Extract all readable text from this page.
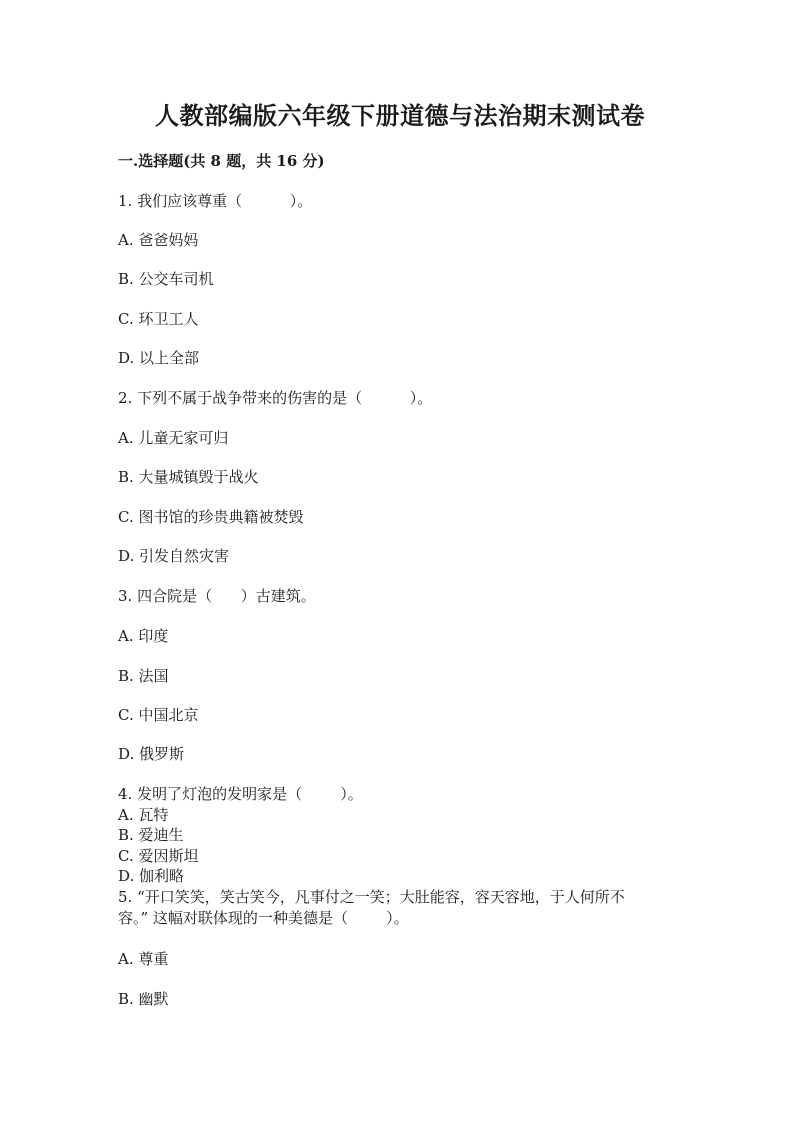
人教部编版六年级下册道德与法治期末测试卷
一.选择题(共 8 题，共 16 分)
1. 我们应该尊重（	）。
A. 爸爸妈妈
B. 公交车司机
C. 环卫工人
D. 以上全部
2. 下列不属于战争带来的伤害的是（	）。
A. 儿童无家可归
B. 大量城镇毁于战火
C. 图书馆的珍贵典籍被焚毁
D. 引发自然灾害
3. 四合院是（ ）古建筑。
A. 印度
B. 法国
C. 中国北京
D. 俄罗斯
4. 发明了灯泡的发明家是（	）。
A. 瓦特
B. 爱迪生
C. 爱因斯坦
D. 伽利略
5. “开口笑笑，笑古笑今，凡事付之一笑；大肚能容，容天容地，于人何所不
容。” 这幅对联体现的一种美德是（	）。
A. 尊重
B. 幽默
